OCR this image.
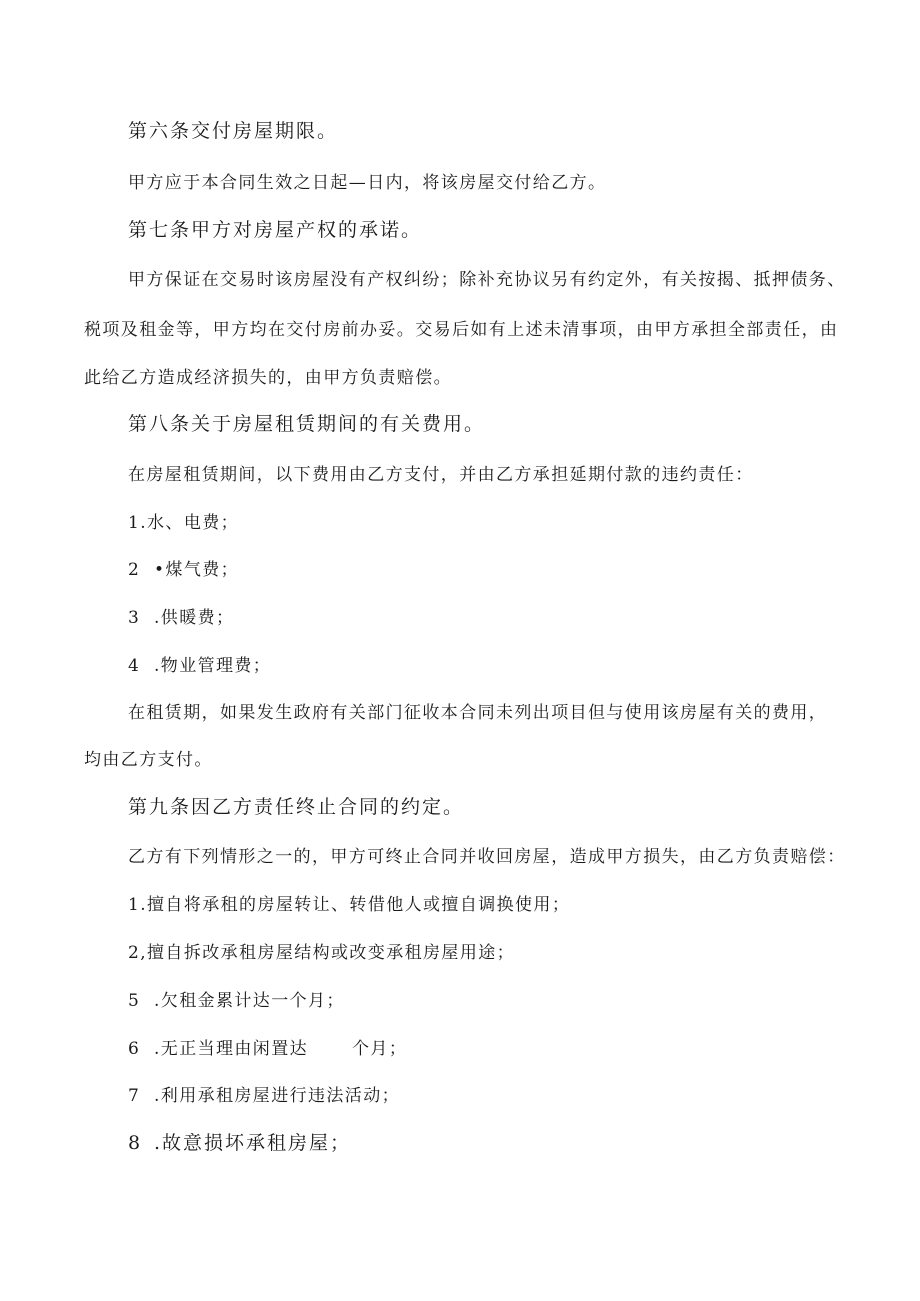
第六条交付房屋期限。
甲方应于本合同生效之日起—日内，将该房屋交付给乙方。
第七条甲方对房屋产权的承诺。
甲方保证在交易时该房屋没有产权纠纷；除补充协议另有约定外，有关按揭、抵押债务、
税项及租金等，甲方均在交付房前办妥。交易后如有上述未清事项，由甲方承担全部责任，由
此给乙方造成经济损失的，由甲方负责赔偿。
第八条关于房屋租赁期间的有关费用。
在房屋租赁期间，以下费用由乙方支付，并由乙方承担延期付款的违约责任：
1.水、电费；
2 •煤气费；
3 .供暖费；
4 .物业管理费；
在租赁期，如果发生政府有关部门征收本合同未列出项目但与使用该房屋有关的费用，
均由乙方支付。
第九条因乙方责任终止合同的约定。
乙方有下列情形之一的，甲方可终止合同并收回房屋，造成甲方损失，由乙方负责赔偿：
1.擅自将承租的房屋转让、转借他人或擅自调换使用；
2,擅自拆改承租房屋结构或改变承租房屋用途；
5 .欠租金累计达一个月；
6 .无正当理由闲置达	个月；
7 .利用承租房屋进行违法活动；
8 .故意损坏承租房屋；
